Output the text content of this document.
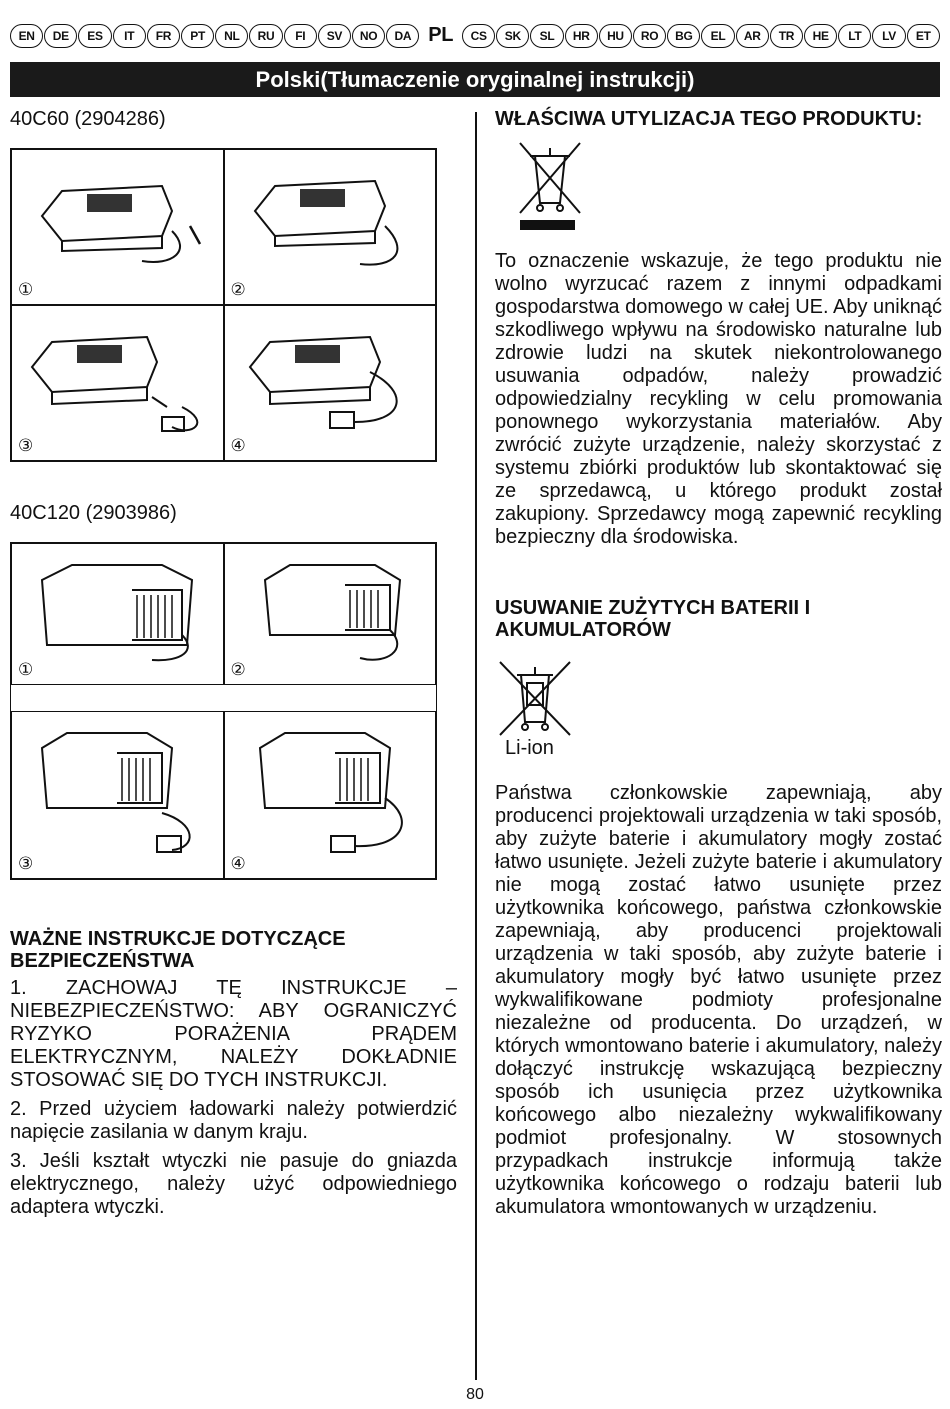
EN	DE	ES	IT	FR	PT	NL	RU	FI	SV	NO	DA PL	CS	SK	SL	HR	HU	RO	BG	EL	AR	TR	HE	LT	LV	ET
Polski(Tłumaczenie oryginalnej instrukcji)

40C60 (2904286)

①	②
③	④

40C120 (2903986)

①	②
③	④
WAŻNE INSTRUKCJE DOTYCZĄCE BEZPIECZEŃSTWA

1. ZACHOWAJ TĘ INSTRUKCJE – NIEBEZPIECZEŃSTWO: ABY OGRANICZYĆ RYZYKO PORAŻENIA PRĄDEM ELEKTRYCZNYM, NALEŻY DOKŁADNIE STOSOWAĆ SIĘ DO TYCH INSTRUKCJI.

2. Przed użyciem ładowarki należy potwierdzić napięcie zasilania w danym kraju.

3. Jeśli kształt wtyczki nie pasuje do gniazda elektrycznego, należy użyć odpowiedniego adaptera wtyczki.

WŁAŚCIWA UTYLIZACJA TEGO PRODUKTU:

To oznaczenie wskazuje, że tego produktu nie wolno wyrzucać razem z innymi odpadkami gospodarstwa domowego w całej UE. Aby uniknąć szkodliwego wpływu na środowisko naturalne lub zdrowie ludzi na skutek niekontrolowanego usuwania odpadów, należy prowadzić odpowiedzialny recykling w celu promowania ponownego wykorzystania materiałów. Aby zwrócić zużyte urządzenie, należy skorzystać z systemu zbiórki produktów lub skontaktować się ze sprzedawcą, u którego produkt został zakupiony. Sprzedawcy mogą zapewnić recykling bezpieczny dla środowiska.

USUWANIE ZUŻYTYCH BATERII I AKUMULATORÓW
Li-ion

Państwa członkowskie zapewniają, aby producenci projektowali urządzenia w taki sposób, aby zużyte baterie i akumulatory mogły zostać łatwo usunięte. Jeżeli zużyte baterie i akumulatory nie mogą zostać łatwo usunięte przez użytkownika końcowego, państwa członkowskie zapewniają, aby producenci projektowali urządzenia w taki sposób, aby zużyte baterie i akumulatory mogły być łatwo usunięte przez wykwalifikowane podmioty profesjonalne niezależne od producenta. Do urządzeń, w których wmontowano baterie i akumulatory, należy dołączyć instrukcję wskazującą bezpieczny sposób ich usunięcia przez użytkownika końcowego albo niezależny wykwalifikowany podmiot profesjonalny. W stosownych przypadkach instrukcje informują także użytkownika końcowego o rodzaju baterii lub akumulatora wmontowanych w urządzeniu.

80
